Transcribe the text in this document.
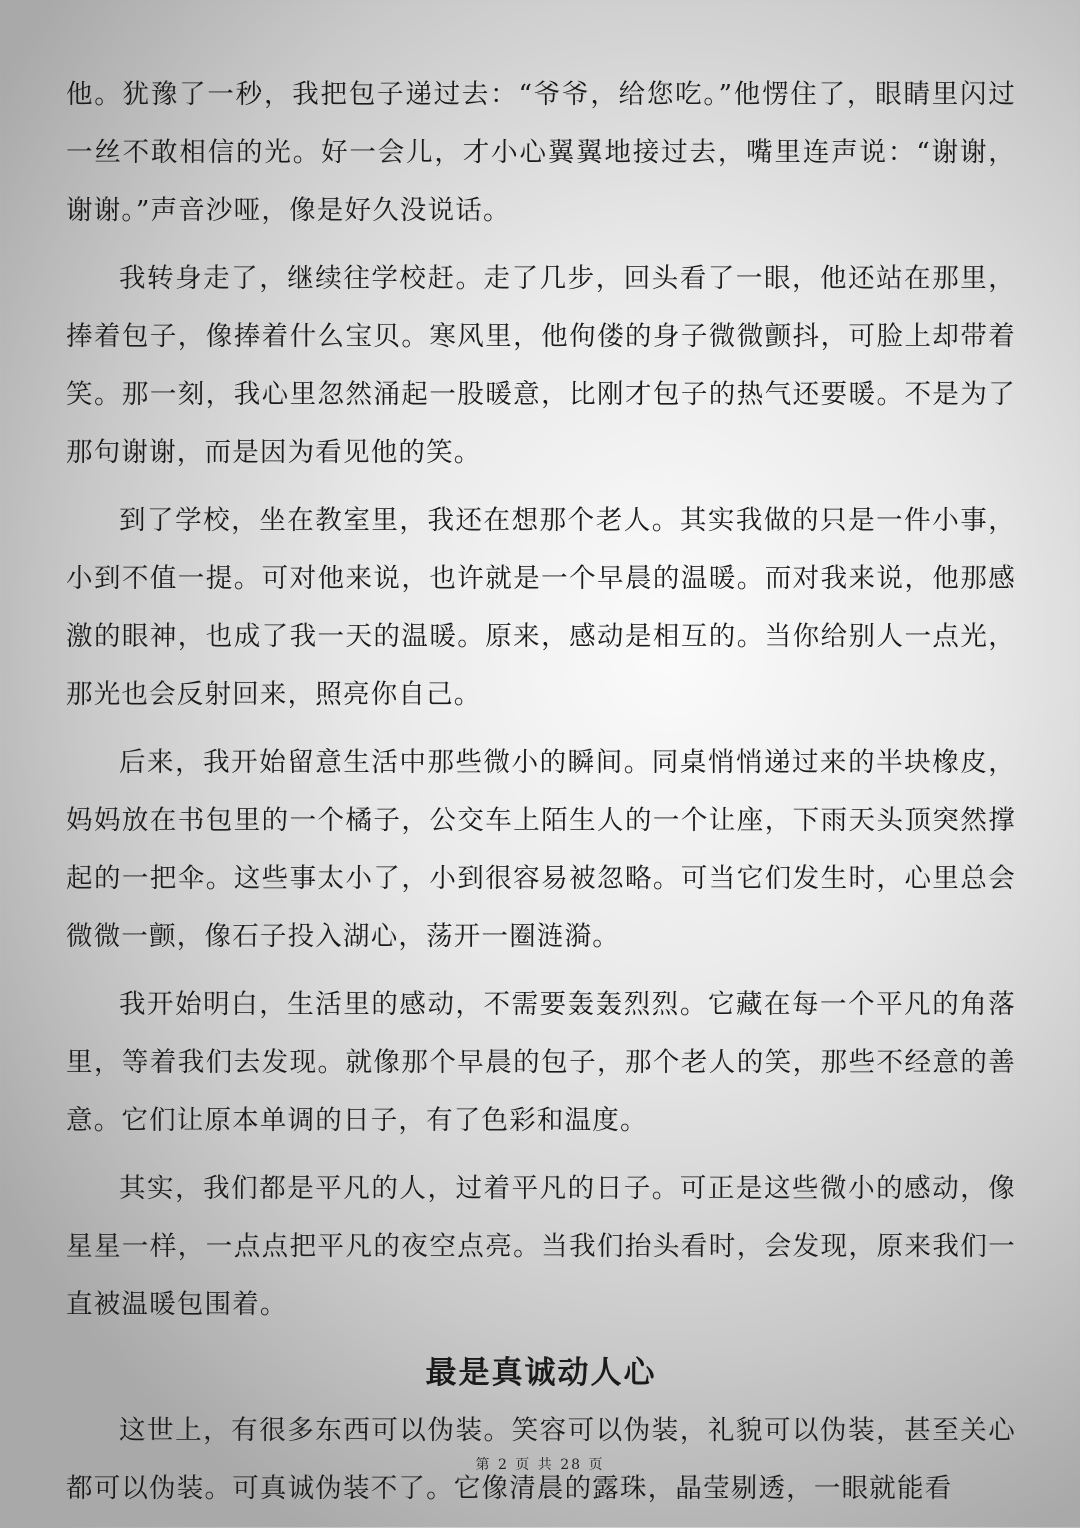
他。犹豫了一秒，我把包子递过去：“爷爷，给您吃。”他愣住了，眼睛里闪过一丝不敢相信的光。好一会儿，才小心翼翼地接过去，嘴里连声说：“谢谢，谢谢。”声音沙哑，像是好久没说话。

我转身走了，继续往学校赶。走了几步，回头看了一眼，他还站在那里，捧着包子，像捧着什么宝贝。寒风里，他佝偻的身子微微颤抖，可脸上却带着笑。那一刻，我心里忽然涌起一股暖意，比刚才包子的热气还要暖。不是为了那句谢谢，而是因为看见他的笑。

到了学校，坐在教室里，我还在想那个老人。其实我做的只是一件小事，小到不值一提。可对他来说，也许就是一个早晨的温暖。而对我来说，他那感激的眼神，也成了我一天的温暖。原来，感动是相互的。当你给别人一点光，那光也会反射回来，照亮你自己。

后来，我开始留意生活中那些微小的瞬间。同桌悄悄递过来的半块橡皮，妈妈放在书包里的一个橘子，公交车上陌生人的一个让座，下雨天头顶突然撑起的一把伞。这些事太小了，小到很容易被忽略。可当它们发生时，心里总会微微一颤，像石子投入湖心，荡开一圈涟漪。

我开始明白，生活里的感动，不需要轰轰烈烈。它藏在每一个平凡的角落里，等着我们去发现。就像那个早晨的包子，那个老人的笑，那些不经意的善意。它们让原本单调的日子，有了色彩和温度。

其实，我们都是平凡的人，过着平凡的日子。可正是这些微小的感动，像星星一样，一点点把平凡的夜空点亮。当我们抬头看时，会发现，原来我们一直被温暖包围着。

最是真诚动人心

这世上，有很多东西可以伪装。笑容可以伪装，礼貌可以伪装，甚至关心都可以伪装。可真诚伪装不了。它像清晨的露珠，晶莹剔透，一眼就能看

第 2 页 共 28 页
